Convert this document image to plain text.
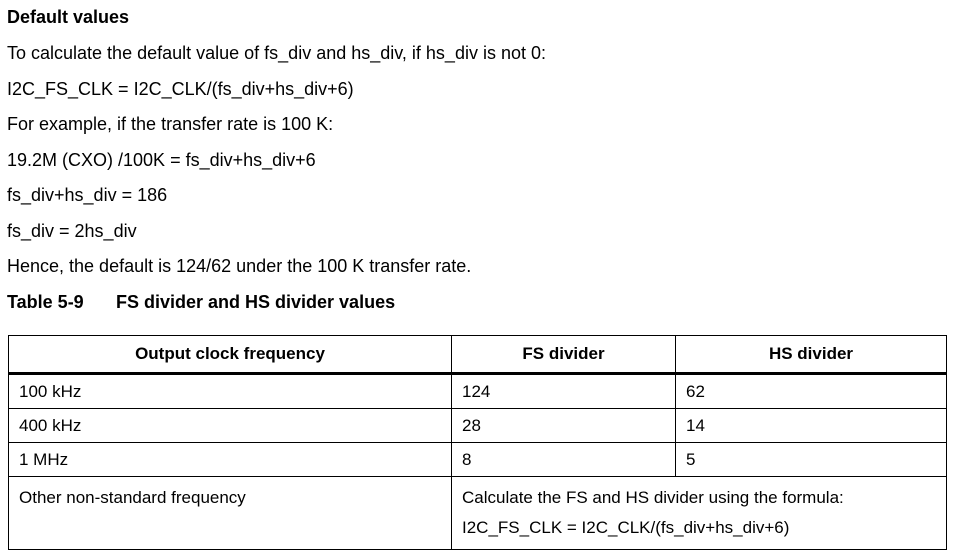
Default values
To calculate the default value of fs_div and hs_div, if hs_div is not 0:
I2C_FS_CLK = I2C_CLK/(fs_div+hs_div+6)
For example, if the transfer rate is 100 K:
19.2M (CXO) /100K = fs_div+hs_div+6
fs_div+hs_div = 186
fs_div = 2hs_div
Hence, the default is 124/62 under the 100 K transfer rate.
Table 5-9 FS divider and HS divider values
Output clock frequency	FS divider	HS divider
100 kHz	124	62
400 kHz	28	14
1 MHz	8	5
Other non-standard frequency	Calculate the FS and HS divider using the formula:
I2C_FS_CLK = I2C_CLK/(fs_div+hs_div+6)	
